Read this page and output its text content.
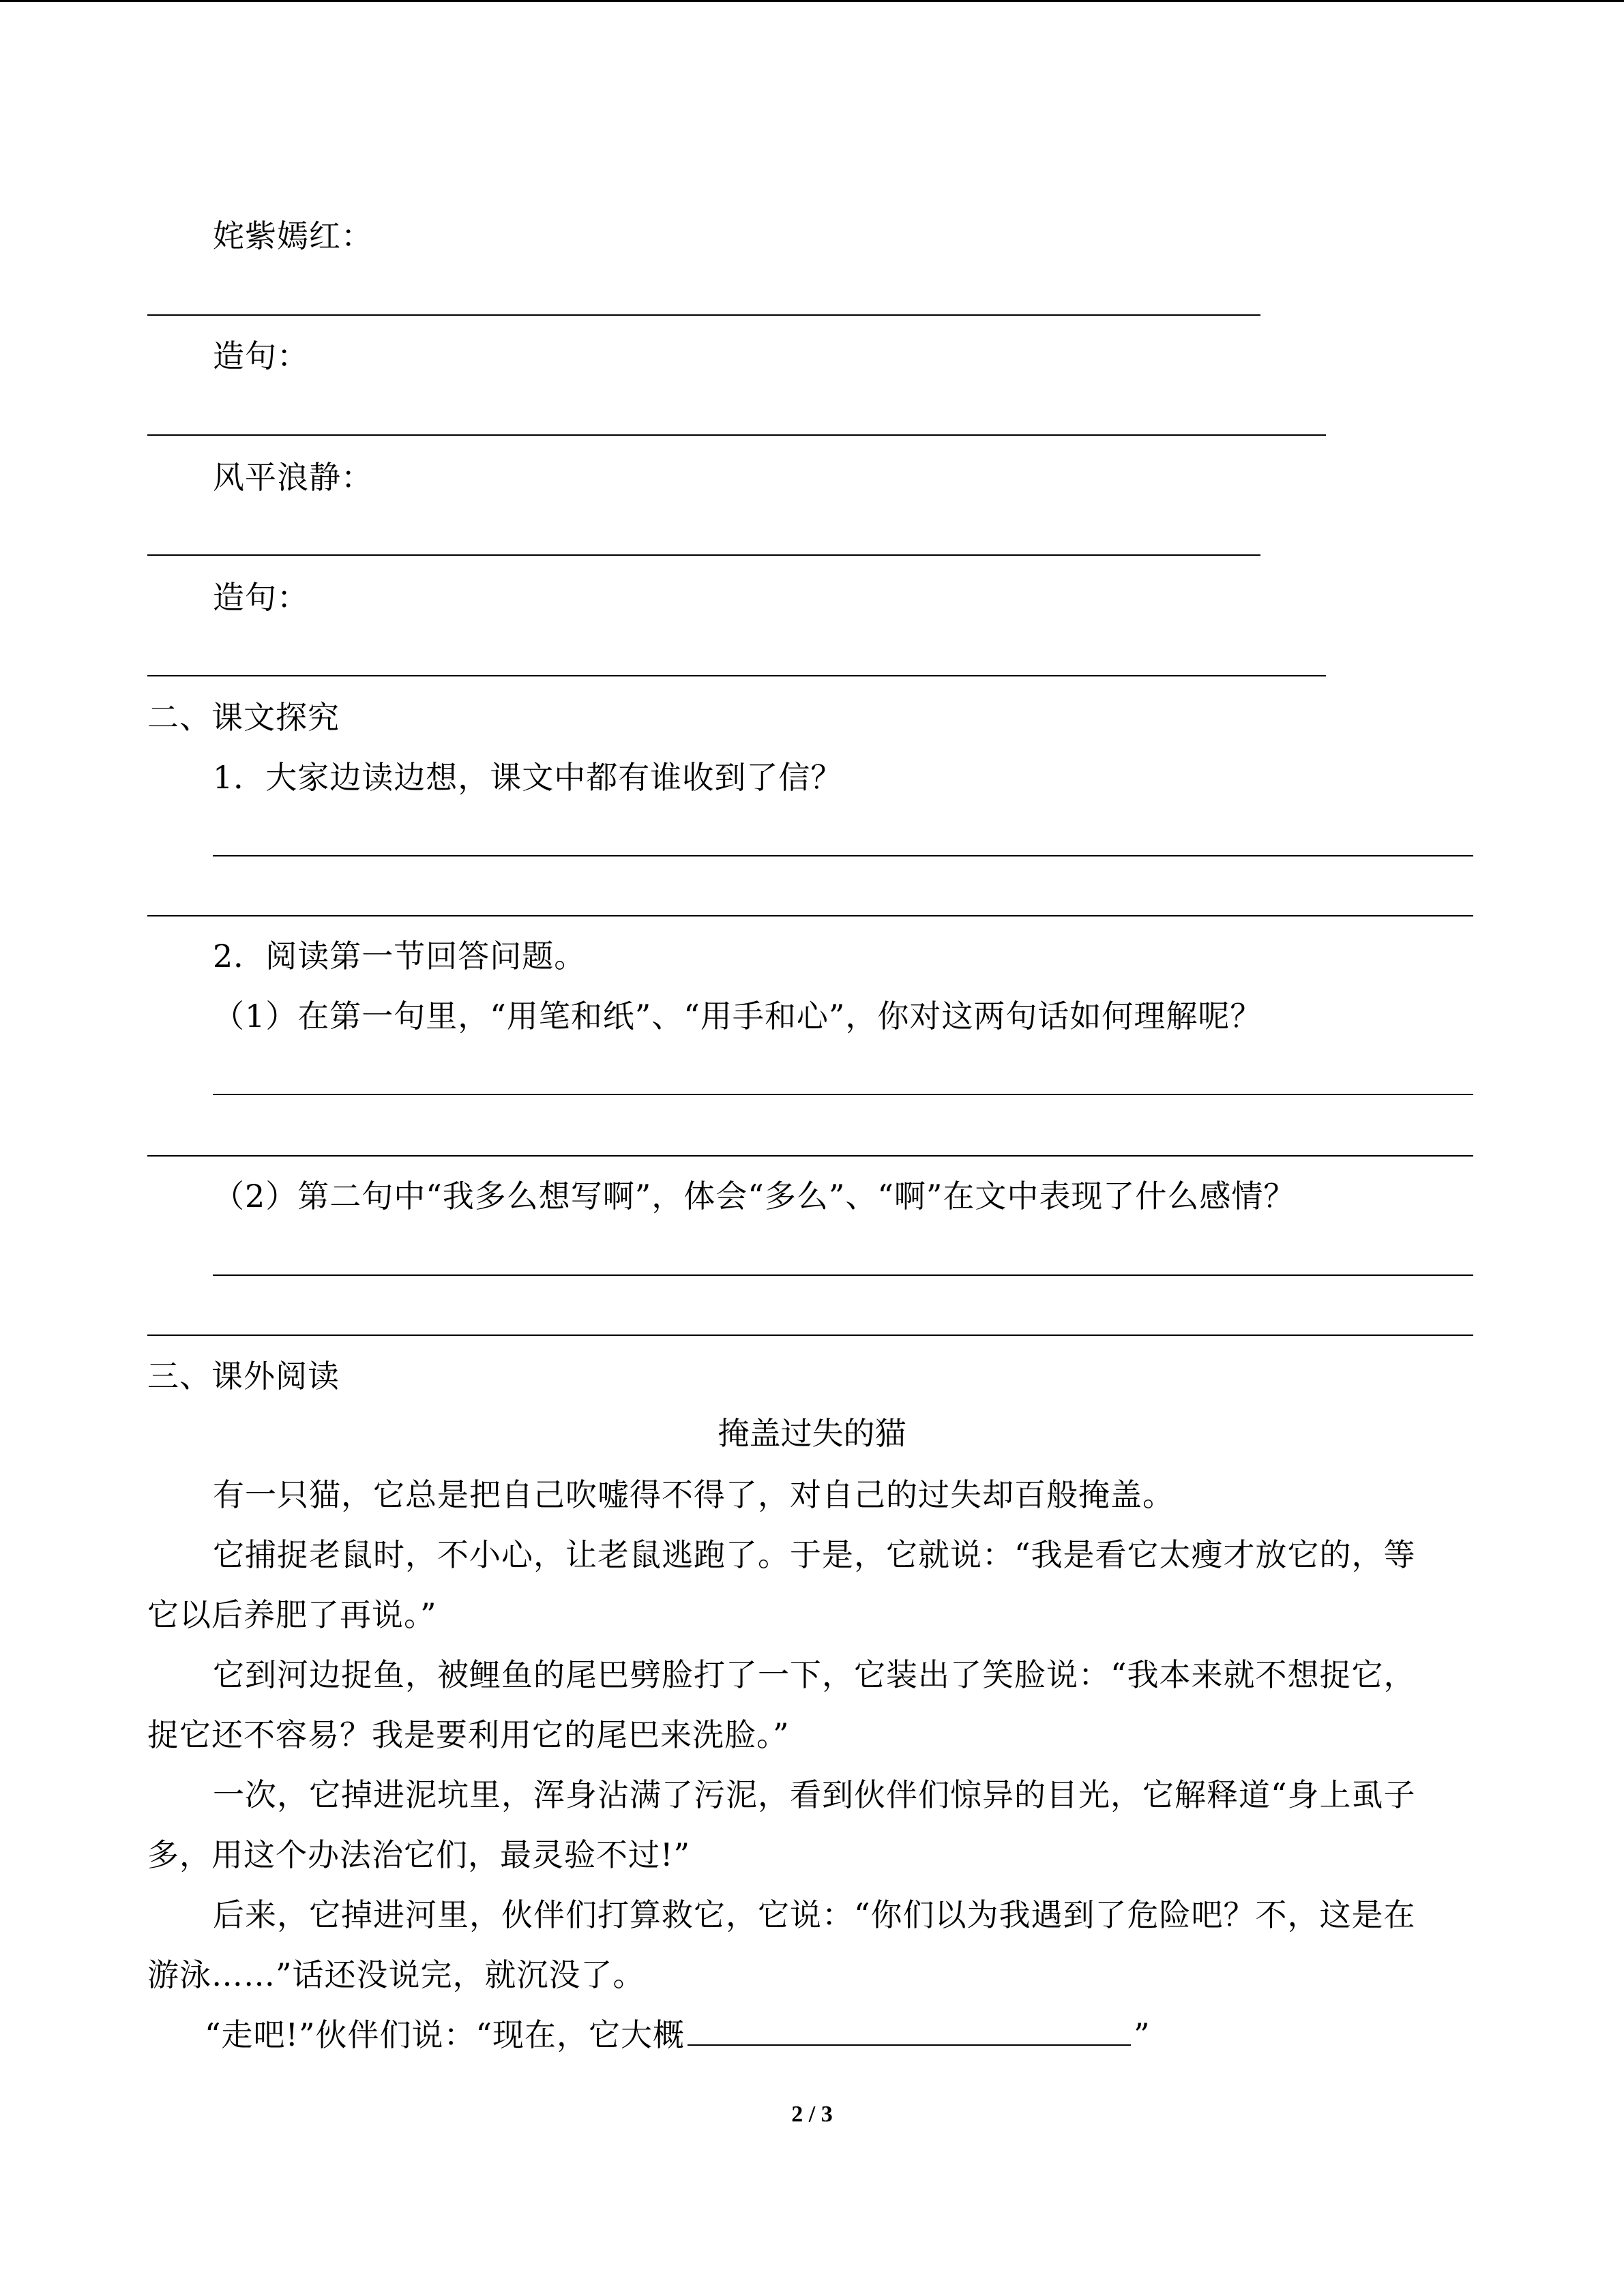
姹紫嫣红：
造句：
风平浪静：
造句：
二、课文探究
1．大家边读边想，课文中都有谁收到了信？
2．阅读第一节回答问题。
（1）在第一句里，“用笔和纸”、“用手和心”，你对这两句话如何理解呢？
（2）第二句中“我多么想写啊”，体会“多么”、“啊”在文中表现了什么感情？
三、课外阅读
掩盖过失的猫
有一只猫，它总是把自己吹嘘得不得了，对自己的过失却百般掩盖。
它捕捉老鼠时，不小心，让老鼠逃跑了。于是，它就说：“我是看它太瘦才放它的，等
它以后养肥了再说。”
它到河边捉鱼，被鲤鱼的尾巴劈脸打了一下，它装出了笑脸说：“我本来就不想捉它，
捉它还不容易？我是要利用它的尾巴来洗脸。”
一次，它掉进泥坑里，浑身沾满了污泥，看到伙伴们惊异的目光，它解释道“身上虱子
多，用这个办法治它们，最灵验不过!”
后来，它掉进河里，伙伴们打算救它，它说：“你们以为我遇到了危险吧？不，这是在
游泳……”话还没说完，就沉没了。
“走吧!”伙伴们说：“现在，它大概	”
2 / 3
